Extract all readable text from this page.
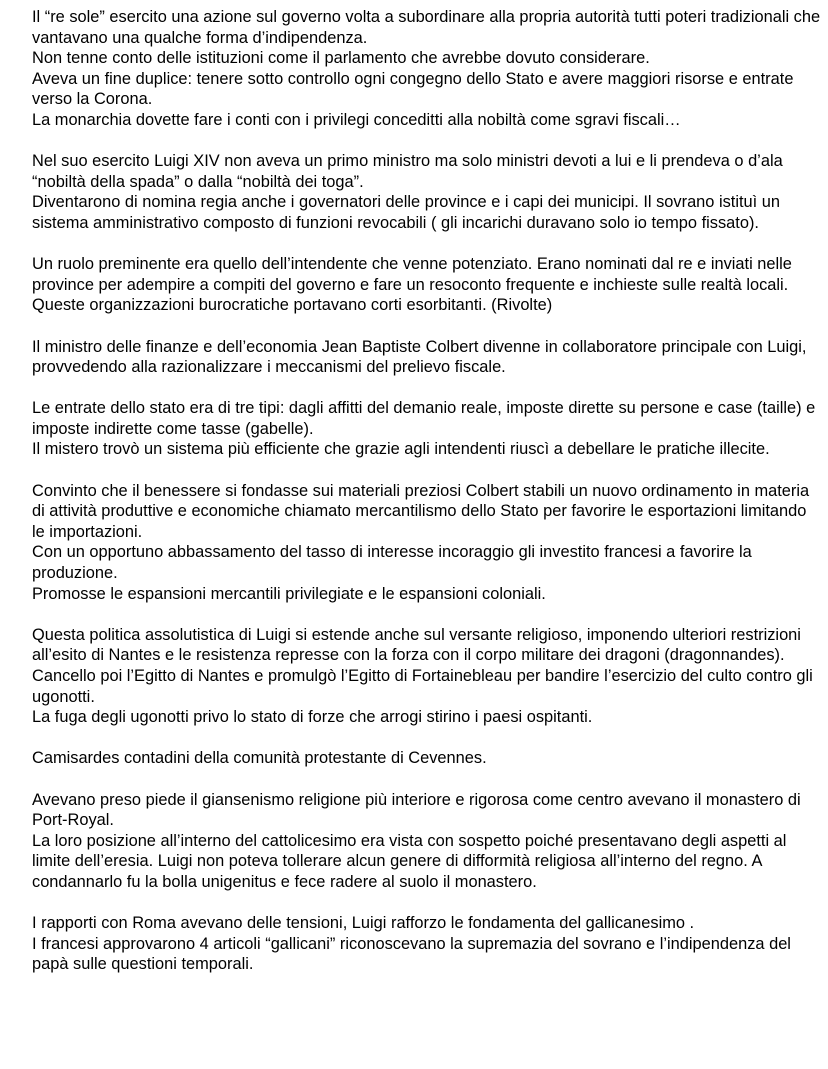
Il “re sole” esercito una azione sul governo volta a subordinare alla propria autorità tutti poteri tradizionali che vantavano una qualche forma d’indipendenza.
Non tenne conto delle istituzioni come il parlamento che avrebbe dovuto considerare.
Aveva un fine duplice: tenere sotto controllo ogni congegno dello Stato e avere maggiori risorse e entrate verso la Corona.
La monarchia dovette fare i conti con i privilegi conceditti alla nobiltà come sgravi fiscali…
Nel suo esercito Luigi XIV non aveva un primo ministro ma solo ministri devoti a lui e li prendeva o d’ala “nobiltà della spada” o dalla “nobiltà dei toga”.
Diventarono di nomina regia anche i governatori delle province e i capi dei municipi. Il sovrano istituì un sistema amministrativo composto di funzioni revocabili ( gli incarichi duravano solo io tempo fissato).
Un ruolo preminente era quello dell’intendente che venne potenziato. Erano nominati dal re e inviati nelle province per adempire a compiti del governo e fare un resoconto frequente e inchieste sulle realtà locali.
Queste organizzazioni burocratiche portavano corti esorbitanti. (Rivolte)
Il ministro delle finanze e dell’economia Jean Baptiste Colbert divenne in collaboratore principale con Luigi, provvedendo alla razionalizzare i meccanismi del prelievo fiscale.
Le entrate dello stato era di tre tipi: dagli affitti del demanio reale, imposte dirette su persone e case (taille) e imposte indirette come tasse (gabelle).
Il mistero trovò un sistema più efficiente che grazie agli intendenti riuscì a debellare le pratiche illecite.
Convinto che il benessere si fondasse sui materiali preziosi Colbert stabili un nuovo ordinamento in materia di attività produttive e economiche chiamato mercantilismo dello Stato per favorire le esportazioni limitando le importazioni.
Con un opportuno abbassamento del tasso di interesse incoraggio gli investito francesi a favorire la produzione.
Promosse le espansioni mercantili privilegiate e le espansioni coloniali.
Questa politica assolutistica di Luigi si estende anche sul versante religioso, imponendo ulteriori restrizioni all’esito di Nantes e le resistenza represse con la forza con il corpo militare dei dragoni (dragonnandes). Cancello poi l’Egitto di Nantes e promulgò l’Egitto di Fortainebleau per bandire l’esercizio del culto contro gli ugonotti.
La fuga degli ugonotti privo lo stato di forze che arrogi stirino i paesi ospitanti.
Camisardes contadini della comunità protestante di Cevennes.
Avevano preso piede il giansenismo religione più interiore e rigorosa come centro avevano il monastero di Port-Royal.
La loro posizione all’interno del cattolicesimo era vista con sospetto poiché presentavano degli aspetti al limite dell’eresia. Luigi non poteva tollerare alcun genere di difformità religiosa all’interno del regno. A condannarlo fu la bolla unigenitus e fece radere al suolo il monastero.
I rapporti con Roma avevano delle tensioni, Luigi rafforzo le fondamenta del gallicanesimo .
I francesi approvarono 4 articoli “gallicani” riconoscevano la supremazia del sovrano e l’indipendenza del papà sulle questioni temporali.
